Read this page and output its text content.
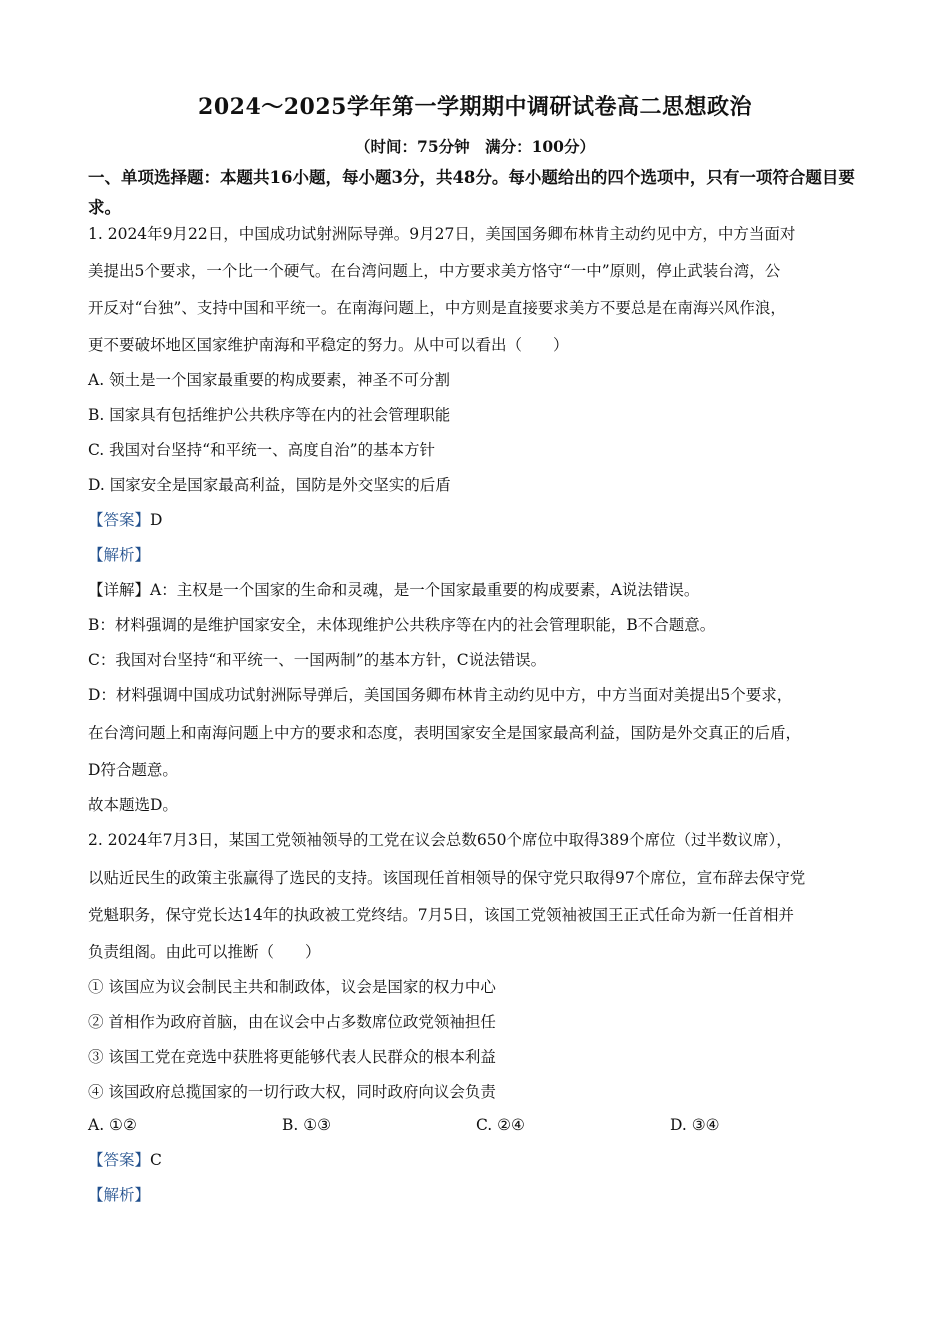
2024～2025学年第一学期期中调研试卷高二思想政治
（时间：75分钟　满分：100分）
一、单项选择题：本题共16小题，每小题3分，共48分。每小题给出的四个选项中，只有一项符合题目要求。
1. 2024年9月22日，中国成功试射洲际导弹。9月27日，美国国务卿布林肯主动约见中方，中方当面对
美提出5个要求，一个比一个硬气。在台湾问题上，中方要求美方恪守“一中”原则，停止武装台湾，公
开反对“台独”、支持中国和平统一。在南海问题上，中方则是直接要求美方不要总是在南海兴风作浪，
更不要破坏地区国家维护南海和平稳定的努力。从中可以看出（　　）
A. 领土是一个国家最重要的构成要素，神圣不可分割
B. 国家具有包括维护公共秩序等在内的社会管理职能
C. 我国对台坚持“和平统一、高度自治”的基本方针
D. 国家安全是国家最高利益，国防是外交坚实的后盾
【答案】D
【解析】
【详解】A：主权是一个国家的生命和灵魂，是一个国家最重要的构成要素，A说法错误。
B：材料强调的是维护国家安全，未体现维护公共秩序等在内的社会管理职能，B不合题意。
C：我国对台坚持“和平统一、一国两制”的基本方针，C说法错误。
D：材料强调中国成功试射洲际导弹后，美国国务卿布林肯主动约见中方，中方当面对美提出5个要求，
在台湾问题上和南海问题上中方的要求和态度，表明国家安全是国家最高利益，国防是外交真正的后盾，
D符合题意。
故本题选D。
2. 2024年7月3日，某国工党领袖领导的工党在议会总数650个席位中取得389个席位（过半数议席），
以贴近民生的政策主张赢得了选民的支持。该国现任首相领导的保守党只取得97个席位，宣布辞去保守党
党魁职务，保守党长达14年的执政被工党终结。7月5日，该国工党领袖被国王正式任命为新一任首相并
负责组阁。由此可以推断（　　）
① 该国应为议会制民主共和制政体，议会是国家的权力中心
② 首相作为政府首脑，由在议会中占多数席位政党领袖担任
③ 该国工党在竞选中获胜将更能够代表人民群众的根本利益
④ 该国政府总揽国家的一切行政大权，同时政府向议会负责
A. ①②	B. ①③	C. ②④	D. ③④
【答案】C
【解析】
